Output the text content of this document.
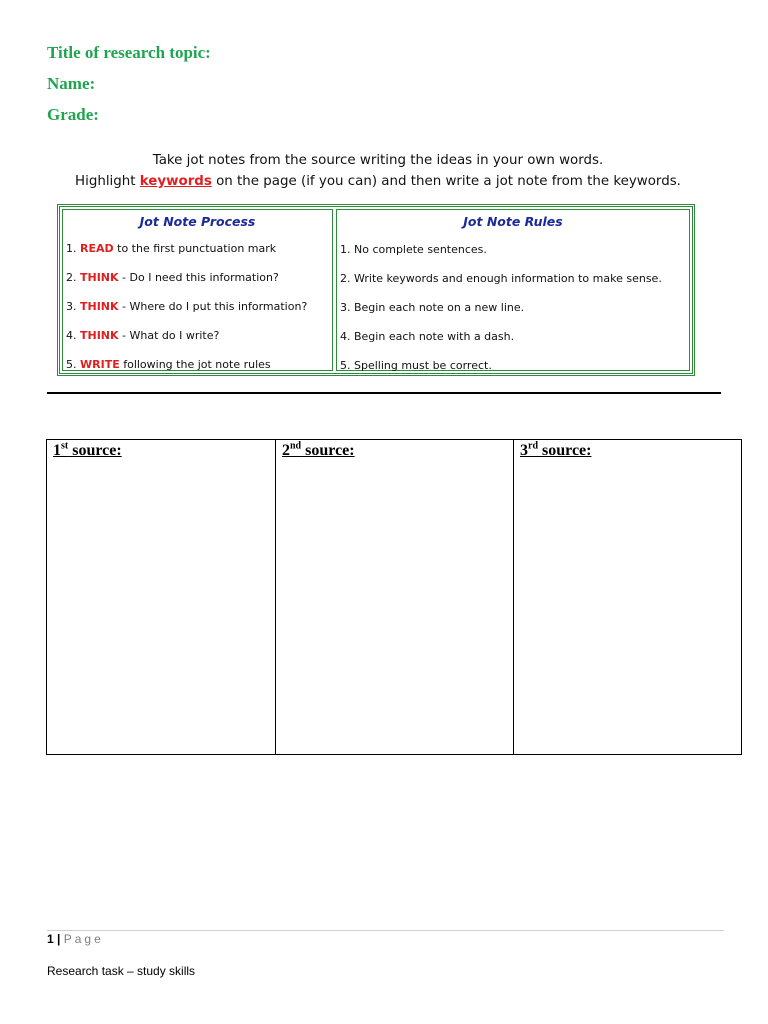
Title of research topic:
Name:
Grade:
Take jot notes from the source writing the ideas in your own words.
Highlight keywords on the page (if you can) and then write a jot note from the keywords.
Jot Note Process
1. READ to the first punctuation mark
2. THINK - Do I need this information?
3. THINK - Where do I put this information?
4. THINK - What do I write?
5. WRITE following the jot note rules
Jot Note Rules
1. No complete sentences.
2. Write keywords and enough information to make sense.
3. Begin each note on a new line.
4. Begin each note with a dash.
5. Spelling must be correct.
1st source:	2nd source:	3rd source:
1 | Page
Research task – study skills
